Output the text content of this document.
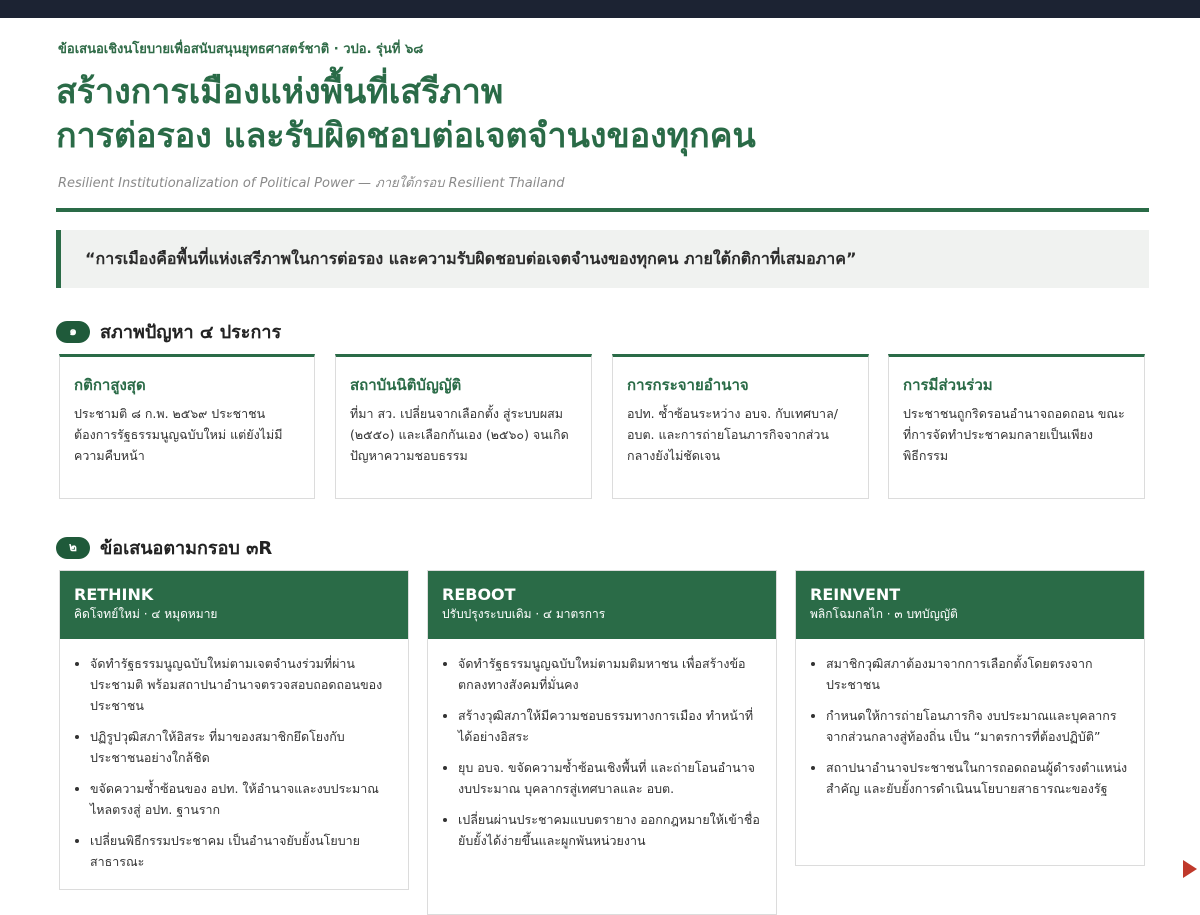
ข้อเสนอเชิงนโยบายเพื่อสนับสนุนยุทธศาสตร์ชาติ · วปอ. รุ่นที่ ๖๘
สร้างการเมืองแห่งพื้นที่เสรีภาพ
การต่อรอง และรับผิดชอบต่อเจตจำนงของทุกคน
Resilient Institutionalization of Political Power — ภายใต้กรอบ Resilient Thailand
“การเมืองคือพื้นที่แห่งเสรีภาพในการต่อรอง และความรับผิดชอบต่อเจตจำนงของทุกคน ภายใต้กติกาที่เสมอภาค”
๑	สภาพปัญหา ๔ ประการ
กติกาสูงสุด

ประชามติ ๘ ก.พ. ๒๕๖๙ ประชาชนต้องการรัฐธรรมนูญฉบับใหม่ แต่ยังไม่มีความคืบหน้า

สถาบันนิติบัญญัติ

ที่มา สว. เปลี่ยนจากเลือกตั้ง สู่ระบบผสม (๒๕๕๐) และเลือกกันเอง (๒๕๖๐) จนเกิดปัญหาความชอบธรรม

การกระจายอำนาจ

อปท. ซ้ำซ้อนระหว่าง อบจ. กับเทศบาล/อบต. และการถ่ายโอนภารกิจจากส่วนกลางยังไม่ชัดเจน

การมีส่วนร่วม

ประชาชนถูกริดรอนอำนาจถอดถอน ขณะที่การจัดทำประชาคมกลายเป็นเพียงพิธีกรรม

๒	ข้อเสนอตามกรอบ ๓R
RETHINK
คิดโจทย์ใหม่ · ๔ หมุดหมาย
• จัดทำรัฐธรรมนูญฉบับใหม่ตามเจตจำนงร่วมที่ผ่านประชามติ พร้อมสถาปนาอำนาจตรวจสอบถอดถอนของประชาชน
• ปฏิรูปวุฒิสภาให้อิสระ ที่มาของสมาชิกยึดโยงกับประชาชนอย่างใกล้ชิด
• ขจัดความซ้ำซ้อนของ อปท. ให้อำนาจและงบประมาณไหลตรงสู่ อปท. ฐานราก
• เปลี่ยนพิธีกรรมประชาคม เป็นอำนาจยับยั้งนโยบายสาธารณะ
REBOOT
ปรับปรุงระบบเดิม · ๔ มาตรการ
• จัดทำรัฐธรรมนูญฉบับใหม่ตามมติมหาชน เพื่อสร้างข้อตกลงทางสังคมที่มั่นคง
• สร้างวุฒิสภาให้มีความชอบธรรมทางการเมือง ทำหน้าที่ได้อย่างอิสระ
• ยุบ อบจ. ขจัดความซ้ำซ้อนเชิงพื้นที่ และถ่ายโอนอำนาจ งบประมาณ บุคลากรสู่เทศบาลและ อบต.
• เปลี่ยนผ่านประชาคมแบบตรายาง ออกกฎหมายให้เข้าชื่อยับยั้งได้ง่ายขึ้นและผูกพันหน่วยงาน
REINVENT
พลิกโฉมกลไก · ๓ บทบัญญัติ
• สมาชิกวุฒิสภาต้องมาจากการเลือกตั้งโดยตรงจากประชาชน
• กำหนดให้การถ่ายโอนภารกิจ งบประมาณและบุคลากรจากส่วนกลางสู่ท้องถิ่น เป็น “มาตรการที่ต้องปฏิบัติ”
• สถาปนาอำนาจประชาชนในการถอดถอนผู้ดำรงตำแหน่งสำคัญ และยับยั้งการดำเนินนโยบายสาธารณะของรัฐ
